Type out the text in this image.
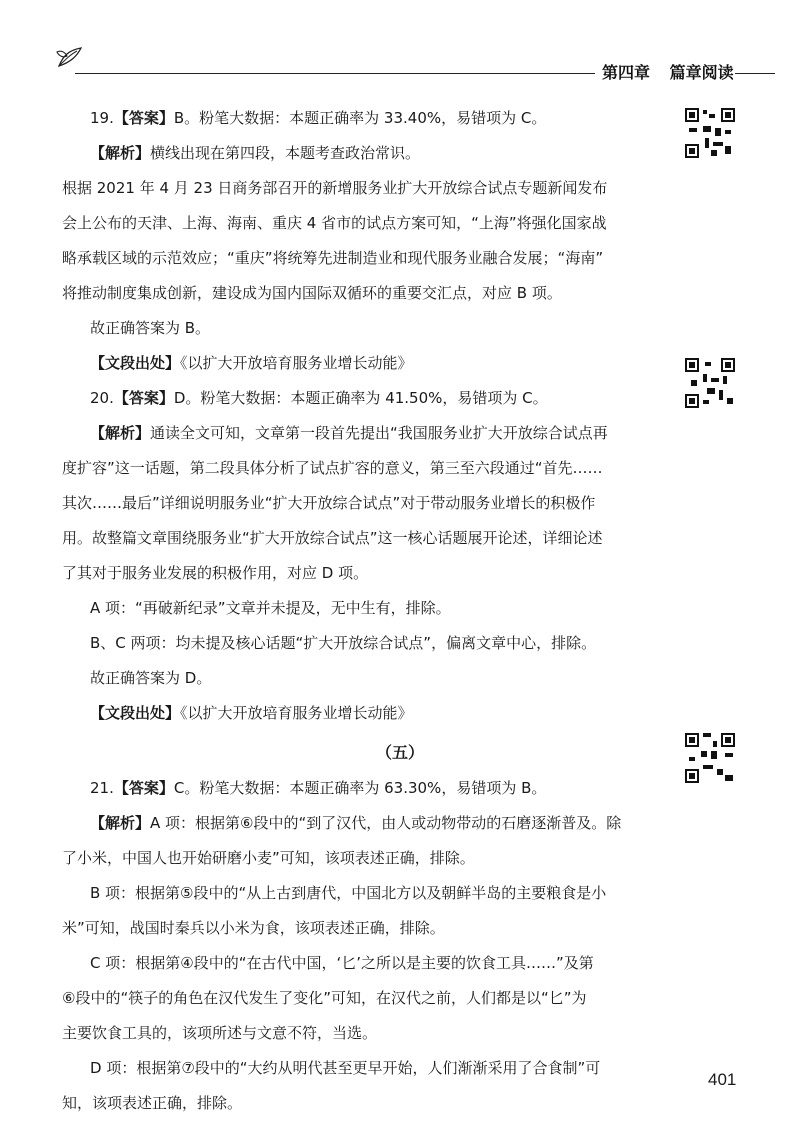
第四章 篇章阅读
19.【答案】B。粉笔大数据：本题正确率为 33.40%，易错项为 C。
【解析】横线出现在第四段，本题考查政治常识。
根据 2021 年 4 月 23 日商务部召开的新增服务业扩大开放综合试点专题新闻发布
会上公布的天津、上海、海南、重庆 4 省市的试点方案可知，“上海”将强化国家战
略承载区域的示范效应；“重庆”将统筹先进制造业和现代服务业融合发展；“海南”
将推动制度集成创新，建设成为国内国际双循环的重要交汇点，对应 B 项。
故正确答案为 B。
【文段出处】《以扩大开放培育服务业增长动能》
20.【答案】D。粉笔大数据：本题正确率为 41.50%，易错项为 C。
【解析】通读全文可知，文章第一段首先提出“我国服务业扩大开放综合试点再
度扩容”这一话题，第二段具体分析了试点扩容的意义，第三至六段通过“首先……
其次……最后”详细说明服务业“扩大开放综合试点”对于带动服务业增长的积极作
用。故整篇文章围绕服务业“扩大开放综合试点”这一核心话题展开论述，详细论述
了其对于服务业发展的积极作用，对应 D 项。
A 项：“再破新纪录”文章并未提及，无中生有，排除。
B、C 两项：均未提及核心话题“扩大开放综合试点”，偏离文章中心，排除。
故正确答案为 D。
【文段出处】《以扩大开放培育服务业增长动能》
（五）
21.【答案】C。粉笔大数据：本题正确率为 63.30%，易错项为 B。
【解析】A 项：根据第⑥段中的“到了汉代，由人或动物带动的石磨逐渐普及。除
了小米，中国人也开始研磨小麦”可知，该项表述正确，排除。
B 项：根据第⑤段中的“从上古到唐代，中国北方以及朝鲜半岛的主要粮食是小
米”可知，战国时秦兵以小米为食，该项表述正确，排除。
C 项：根据第④段中的“在古代中国，‘匕’之所以是主要的饮食工具……”及第
⑥段中的“筷子的角色在汉代发生了变化”可知，在汉代之前，人们都是以“匕”为
主要饮食工具的，该项所述与文意不符，当选。
D 项：根据第⑦段中的“大约从明代甚至更早开始，人们渐渐采用了合食制”可
知，该项表述正确，排除。
401
